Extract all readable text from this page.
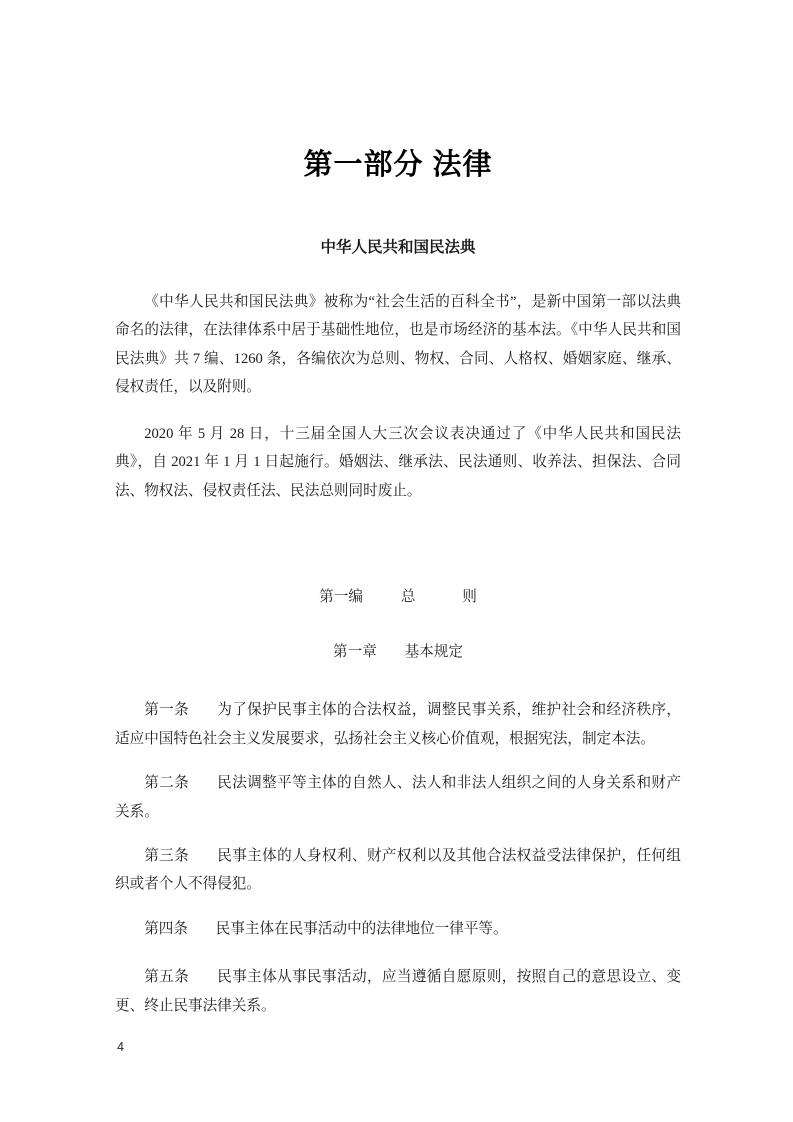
第一部分 法律
中华人民共和国民法典

《中华人民共和国民法典》被称为“社会生活的百科全书”，是新中国第一部以法典命名的法律，在法律体系中居于基础性地位，也是市场经济的基本法。《中华人民共和国民法典》共 7 编、1260 条，各编依次为总则、物权、合同、人格权、婚姻家庭、继承、侵权责任，以及附则。

2020 年 5 月 28 日，十三届全国人大三次会议表决通过了《中华人民共和国民法典》，自 2021 年 1 月 1 日起施行。婚姻法、继承法、民法通则、收养法、担保法、合同法、物权法、侵权责任法、民法总则同时废止。

第一编	总	则
第一章 基本规定

第一条 为了保护民事主体的合法权益，调整民事关系，维护社会和经济秩序，适应中国特色社会主义发展要求，弘扬社会主义核心价值观，根据宪法，制定本法。

第二条 民法调整平等主体的自然人、法人和非法人组织之间的人身关系和财产关系。

第三条 民事主体的人身权利、财产权利以及其他合法权益受法律保护，任何组织或者个人不得侵犯。

第四条 民事主体在民事活动中的法律地位一律平等。

第五条 民事主体从事民事活动，应当遵循自愿原则，按照自己的意思设立、变更、终止民事法律关系。

4
